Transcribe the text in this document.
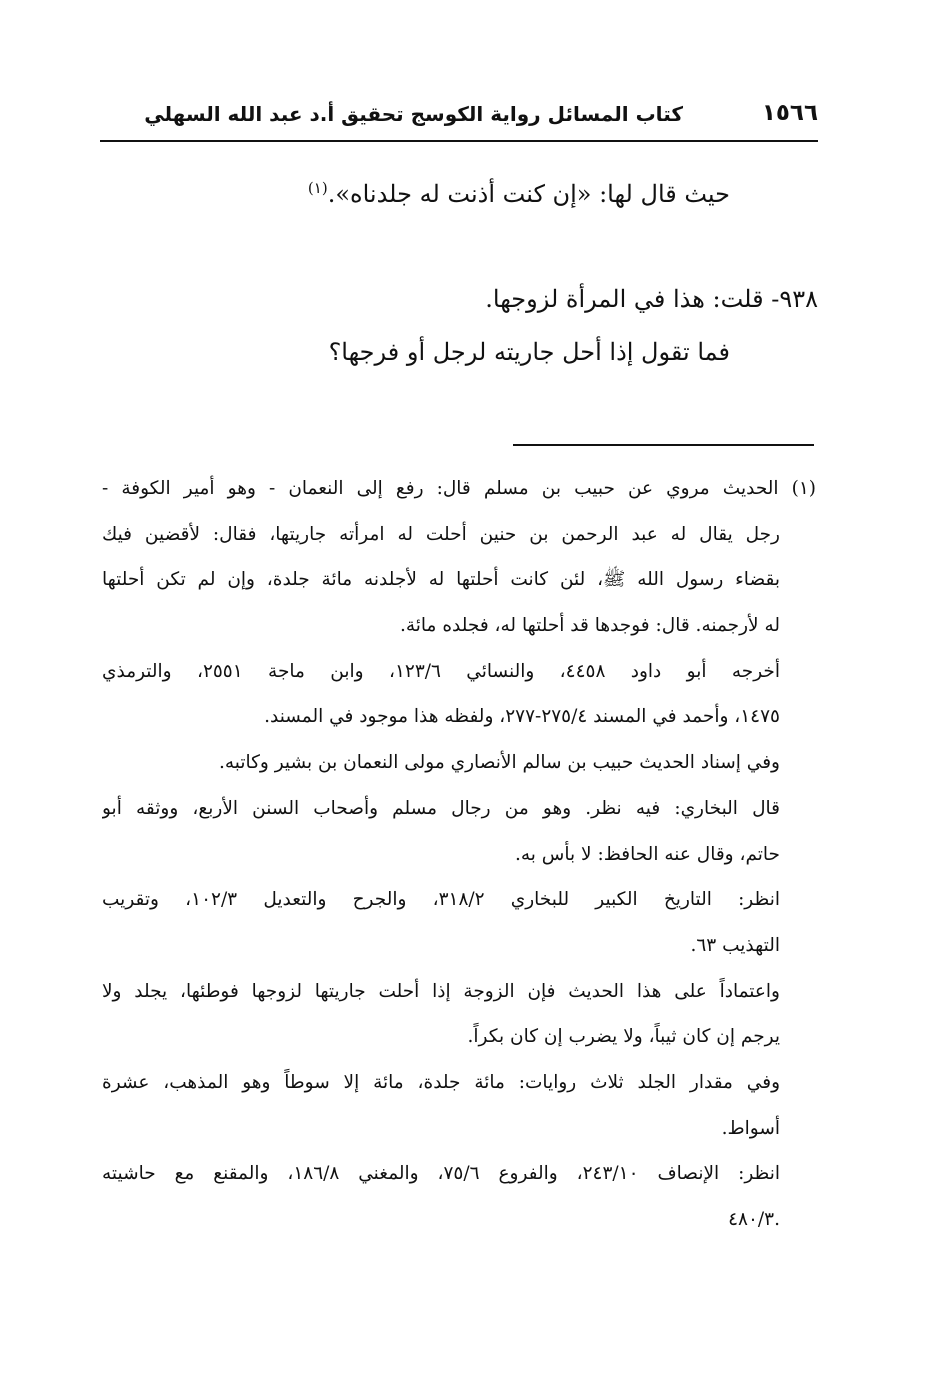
١٥٦٦
كتاب المسائل رواية الكوسج تحقيق أ.د عبد الله السهلي
حيث قال لها: «إن كنت أذنت له جلدناه».$^{(١)}$
٩٣٨- قلت: هذا في المرأة لزوجها.
فما تقول إذا أحل جاريته لرجل أو فرجها؟
(١) الحديث مروي عن حبيب بن مسلم قال: رفع إلى النعمان - وهو أمير الكوفة -
رجل يقال له عبد الرحمن بن حنين أحلت له امرأته جاريتها، فقال: لأقضين فيك
بقضاء رسول الله ﷺ، لئن كانت أحلتها له لأجلدنه مائة جلدة، وإن لم تكن أحلتها
له لأرجمنه. قال: فوجدها قد أحلتها له، فجلده مائة.
أخرجه أبو داود ٤٤٥٨، والنسائي ١٢٣/٦، وابن ماجة ٢٥٥١، والترمذي
١٤٧٥، وأحمد في المسند ٢٧٥/٤-٢٧٧، ولفظه هذا موجود في المسند.
وفي إسناد الحديث حبيب بن سالم الأنصاري مولى النعمان بن بشير وكاتبه.
قال البخاري: فيه نظر. وهو من رجال مسلم وأصحاب السنن الأربع، ووثقه أبو
حاتم، وقال عنه الحافظ: لا بأس به.
انظر: التاريخ الكبير للبخاري ٣١٨/٢، والجرح والتعديل ١٠٢/٣، وتقريب
التهذيب ٦٣.
واعتماداً على هذا الحديث فإن الزوجة إذا أحلت جاريتها لزوجها فوطئها، يجلد ولا
يرجم إن كان ثيباً، ولا يضرب إن كان بكراً.
وفي مقدار الجلد ثلاث روايات: مائة جلدة، مائة إلا سوطاً وهو المذهب، عشرة
أسواط.
انظر: الإنصاف ٢٤٣/١٠، والفروع ٧٥/٦، والمغني ١٨٦/٨، والمقنع مع حاشيته
.٤٨٠/٣
